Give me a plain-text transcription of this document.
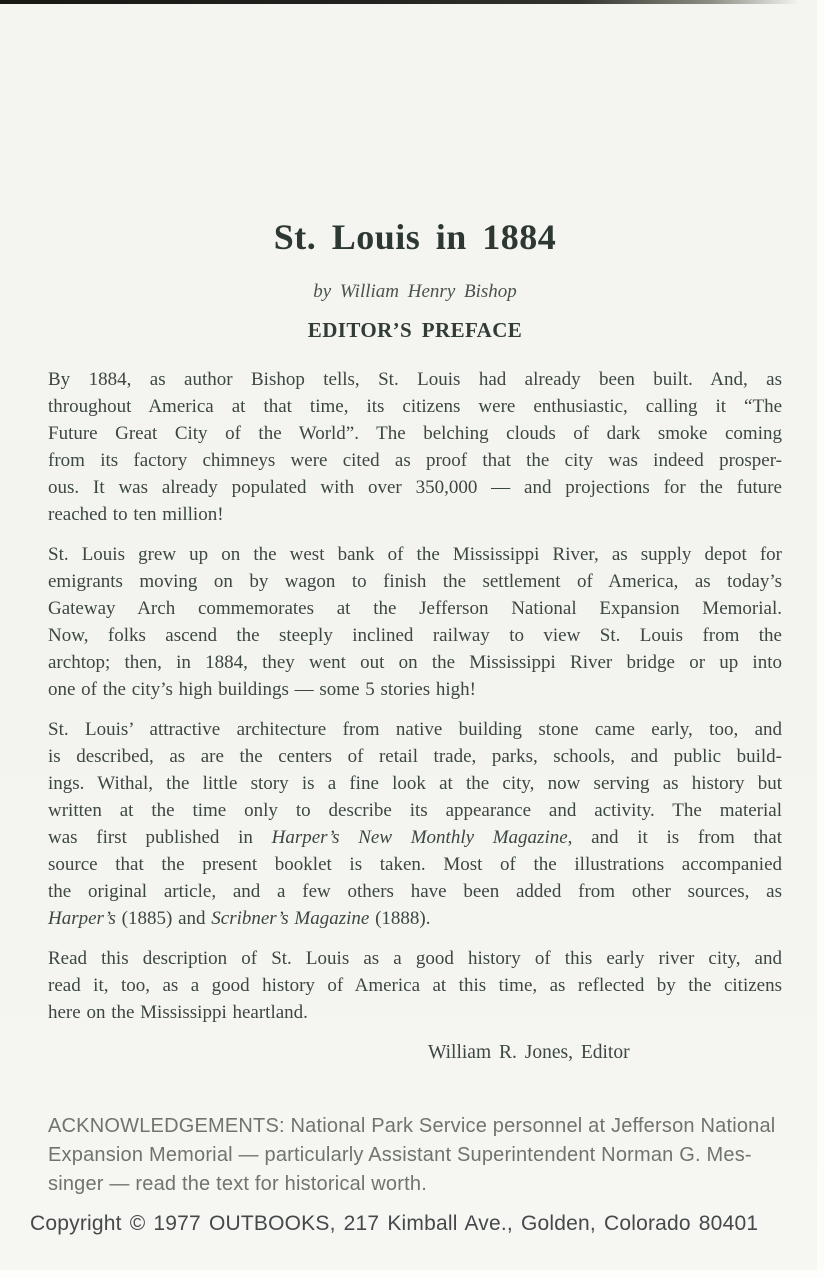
St. Louis in 1884
by William Henry Bishop
EDITOR’S PREFACE
By 1884, as author Bishop tells, St. Louis had already been built. And, as
throughout America at that time, its citizens were enthusiastic, calling it “The
Future Great City of the World”. The belching clouds of dark smoke coming
from its factory chimneys were cited as proof that the city was indeed prosper-
ous. It was already populated with over 350,000 — and projections for the future
reached to ten million!
St. Louis grew up on the west bank of the Mississippi River, as supply depot for
emigrants moving on by wagon to finish the settlement of America, as today’s
Gateway Arch commemorates at the Jefferson National Expansion Memorial.
Now, folks ascend the steeply inclined railway to view St. Louis from the
archtop; then, in 1884, they went out on the Mississippi River bridge or up into
one of the city’s high buildings — some 5 stories high!
St. Louis’ attractive architecture from native building stone came early, too, and
is described, as are the centers of retail trade, parks, schools, and public build-
ings. Withal, the little story is a fine look at the city, now serving as history but
written at the time only to describe its appearance and activity. The material
was first published in Harper’s New Monthly Magazine, and it is from that
source that the present booklet is taken. Most of the illustrations accompanied
the original article, and a few others have been added from other sources, as
Harper’s (1885) and Scribner’s Magazine (1888).
Read this description of St. Louis as a good history of this early river city, and
read it, too, as a good history of America at this time, as reflected by the citizens
here on the Mississippi heartland.
William R. Jones, Editor
ACKNOWLEDGEMENTS: National Park Service personnel at Jefferson National
Expansion Memorial — particularly Assistant Superintendent Norman G. Mes-
singer — read the text for historical worth.
Copyright © 1977 OUTBOOKS, 217 Kimball Ave., Golden, Colorado 80401
